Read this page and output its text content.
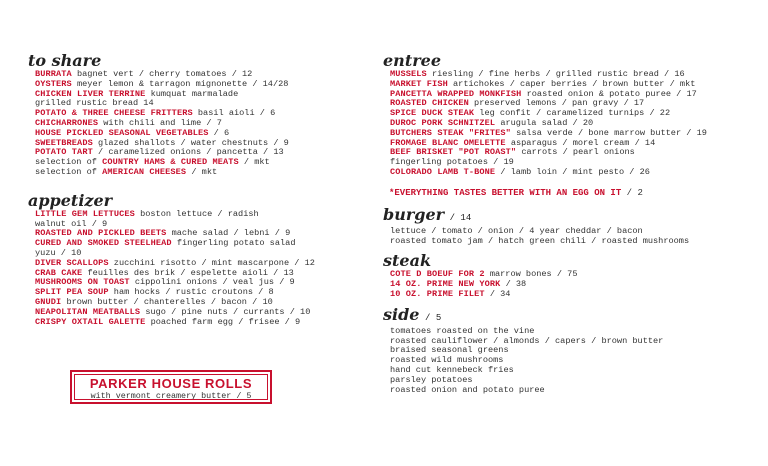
to share
BURRATA bagnet vert / cherry tomatoes / 12
OYSTERS meyer lemon & tarragon mignonette / 14/28
CHICKEN LIVER TERRINE kumquat marmalade
grilled rustic bread 14
POTATO & THREE CHEESE FRITTERS basil aioli / 6
CHICHARRONES with chili and lime / 7
HOUSE PICKLED SEASONAL VEGETABLES / 6
SWEETBREADS glazed shallots / water chestnuts / 9
POTATO TART / caramelized onions / pancetta / 13
selection of COUNTRY HAMS & CURED MEATS / mkt
selection of AMERICAN CHEESES / mkt
appetizer
LITTLE GEM LETTUCES boston lettuce / radish
walnut oil / 9
ROASTED AND PICKLED BEETS mache salad / lebni / 9
CURED AND SMOKED STEELHEAD fingerling potato salad
yuzu / 10
DIVER SCALLOPS zucchini risotto / mint mascarpone / 12
CRAB CAKE feuilles des brik / espelette aioli / 13
MUSHROOMS ON TOAST cippolini onions / veal jus / 9
SPLIT PEA SOUP ham hocks / rustic croutons / 8
GNUDI brown butter / chanterelles / bacon / 10
NEAPOLITAN MEATBALLS sugo / pine nuts / currants / 10
CRISPY OXTAIL GALETTE poached farm egg / frisee / 9
entree
MUSSELS riesling / fine herbs / grilled rustic bread / 16
MARKET FISH artichokes / caper berries / brown butter / mkt
PANCETTA WRAPPED MONKFISH roasted onion & potato puree / 17
ROASTED CHICKEN preserved lemons / pan gravy / 17
SPICE DUCK STEAK leg confit / caramelized turnips / 22
DUROC PORK SCHNITZEL arugula salad / 20
BUTCHERS STEAK "FRITES" salsa verde / bone marrow butter / 19
FROMAGE BLANC OMELETTE asparagus / morel cream / 14
BEEF BRISKET "POT ROAST" carrots / pearl onions
fingerling potatoes / 19
COLORADO LAMB T-BONE / lamb loin / mint pesto / 26
*EVERYTHING TASTES BETTER WITH AN EGG ON IT / 2
burger / 14
lettuce / tomato / onion / 4 year cheddar / bacon
roasted tomato jam / hatch green chili / roasted mushrooms
steak
COTE D BOEUF FOR 2 marrow bones / 75
14 OZ. PRIME NEW YORK / 38
10 OZ. PRIME FILET / 34
side / 5
tomatoes roasted on the vine
roasted cauliflower / almonds / capers / brown butter
braised seasonal greens
roasted wild mushrooms
hand cut kennebeck fries
parsley potatoes
roasted onion and potato puree
PARKER HOUSE ROLLS
with vermont creamery butter / 5
